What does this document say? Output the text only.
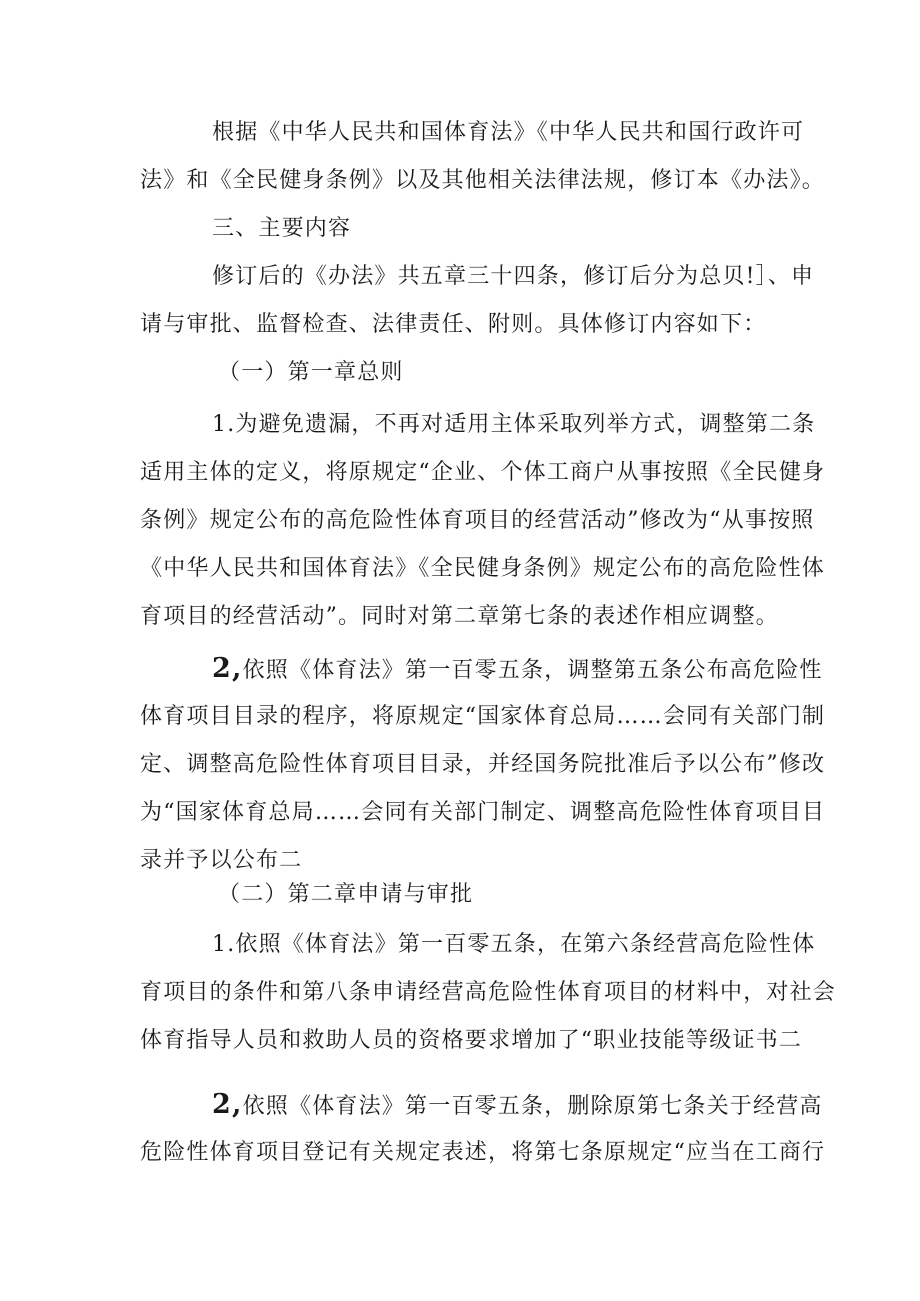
根据《中华人民共和国体育法》《中华人民共和国行政许可
法》和《全民健身条例》以及其他相关法律法规，修订本《办法》。
三、主要内容
修订后的《办法》共五章三十四条，修订后分为总贝!］、申
请与审批、监督检查、法律责任、附则。具体修订内容如下：
（一）第一章总则
1.为避免遗漏，不再对适用主体采取列举方式，调整第二条
适用主体的定义，将原规定“企业、个体工商户从事按照《全民健身
条例》规定公布的高危险性体育项目的经营活动”修改为“从事按照
《中华人民共和国体育法》《全民健身条例》规定公布的高危险性体
育项目的经营活动”。同时对第二章第七条的表述作相应调整。
2,依照《体育法》第一百零五条，调整第五条公布高危险性
体育项目目录的程序，将原规定“国家体育总局……会同有关部门制
定、调整高危险性体育项目目录，并经国务院批准后予以公布”修改
为“国家体育总局……会同有关部门制定、调整高危险性体育项目目
录并予以公布二
（二）第二章申请与审批
1.依照《体育法》第一百零五条，在第六条经营高危险性体
育项目的条件和第八条申请经营高危险性体育项目的材料中，对社会
体育指导人员和救助人员的资格要求增加了“职业技能等级证书二
2,依照《体育法》第一百零五条，删除原第七条关于经营高
危险性体育项目登记有关规定表述，将第七条原规定“应当在工商行
